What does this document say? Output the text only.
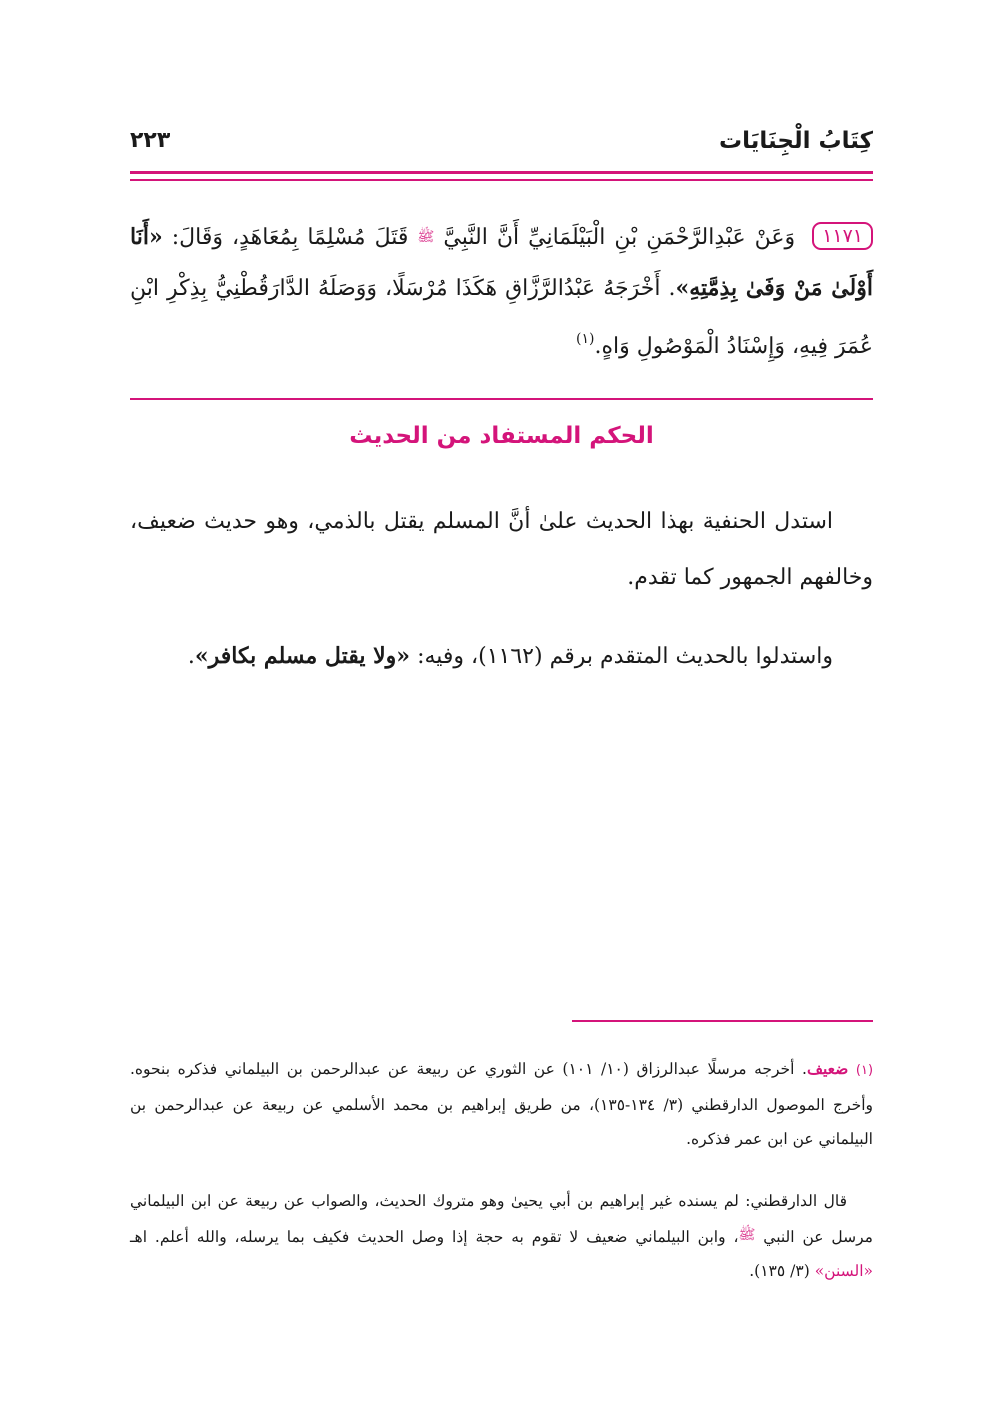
كِتَابُ الْجِنَايَات
٢٢٣
١١٧١ وَعَنْ عَبْدِالرَّحْمَنِ بْنِ الْبَيْلَمَانِيِّ أَنَّ النَّبِيَّ ﷺ قَتَلَ مُسْلِمًا بِمُعَاهَدٍ، وَقَالَ: «أَنَا أَوْلَىٰ مَنْ وَفَىٰ بِذِمَّتِهِ». أَخْرَجَهُ عَبْدُالرَّزَّاقِ هَكَذَا مُرْسَلًا، وَوَصَلَهُ الدَّارَقُطْنِيُّ بِذِكْرِ ابْنِ عُمَرَ فِيهِ، وَإِسْنَادُ الْمَوْصُولِ وَاهٍ.$^{(١)}$
الحكم المستفاد من الحديث
استدل الحنفية بهذا الحديث علىٰ أنَّ المسلم يقتل بالذمي، وهو حديث ضعيف، وخالفهم الجمهور كما تقدم.
واستدلوا بالحديث المتقدم برقم (١١٦٢)، وفيه: «ولا يقتل مسلم بكافر».
(١) ضعيف. أخرجه مرسلًا عبدالرزاق (١٠/ ١٠١) عن الثوري عن ربيعة عن عبدالرحمن بن البيلماني فذكره بنحوه. وأخرج الموصول الدارقطني (٣/ ١٣٤-١٣٥)، من طريق إبراهيم بن محمد الأسلمي عن ربيعة عن عبدالرحمن بن البيلماني عن ابن عمر فذكره.
قال الدارقطني: لم يسنده غير إبراهيم بن أبي يحيىٰ وهو متروك الحديث، والصواب عن ربيعة عن ابن البيلماني مرسل عن النبي ﷺ، وابن البيلماني ضعيف لا تقوم به حجة إذا وصل الحديث فكيف بما يرسله، والله أعلم. اهـ «السنن» (٣/ ١٣٥).
